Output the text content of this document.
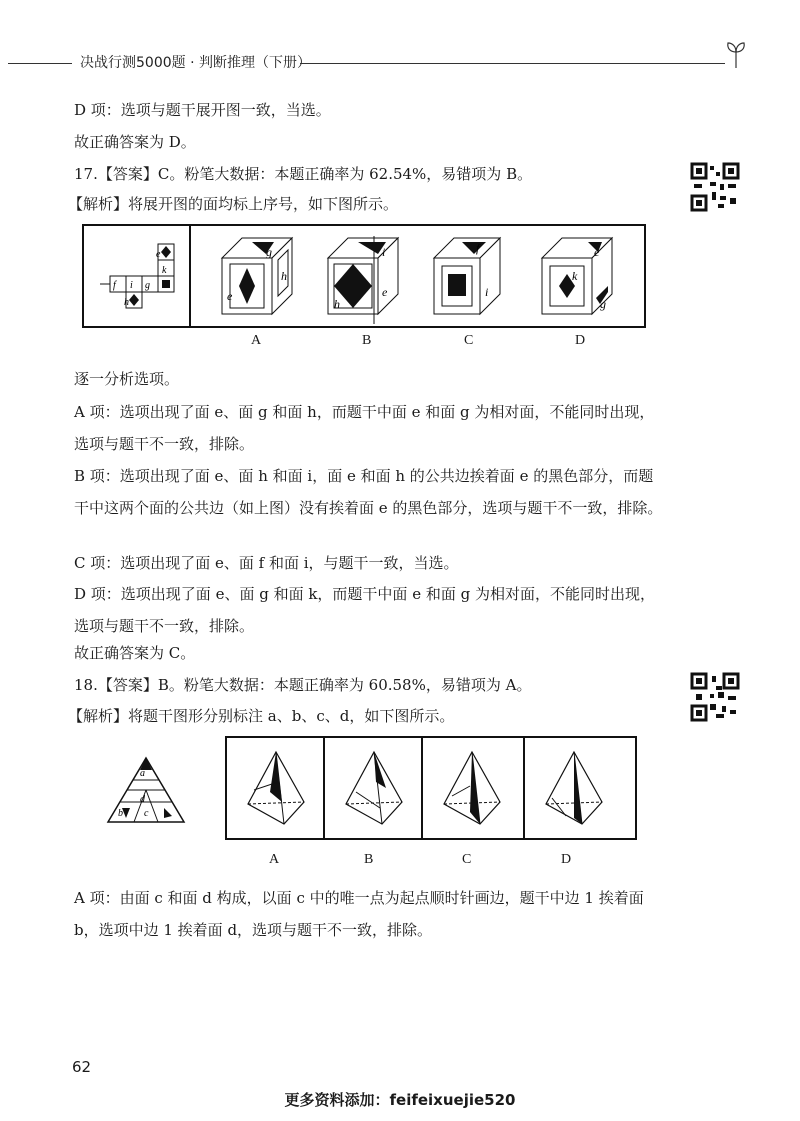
决战行测5000题 · 判断推理（下册）
D 项：选项与题干展开图一致，当选。
故正确答案为 D。
17.【答案】C。粉笔大数据：本题正确率为 62.54%，易错项为 B。
【解析】将展开图的面均标上序号，如下图所示。
e
f	g
h
i
k
g
h
e
i
h
e
f
i
e
k
g
A	B	C	D
逐一分析选项。
A 项：选项出现了面 e、面 g 和面 h，而题干中面 e 和面 g 为相对面，不能同时出现，选项与题干不一致，排除。
B 项：选项出现了面 e、面 h 和面 i，面 e 和面 h 的公共边挨着面 e 的黑色部分，而题干中这两个面的公共边（如上图）没有挨着面 e 的黑色部分，选项与题干不一致，排除。
C 项：选项出现了面 e、面 f 和面 i，与题干一致，当选。
D 项：选项出现了面 e、面 g 和面 k，而题干中面 e 和面 g 为相对面，不能同时出现，选项与题干不一致，排除。
故正确答案为 C。
18.【答案】B。粉笔大数据：本题正确率为 60.58%，易错项为 A。
【解析】将题干图形分别标注 a、b、c、d，如下图所示。
a
d
c
b
A	B	C	D
A 项：由面 c 和面 d 构成，以面 c 中的唯一点为起点顺时针画边，题干中边 1 挨着面 b，选项中边 1 挨着面 d，选项与题干不一致，排除。
62
更多资料添加：feifeixuejie520
